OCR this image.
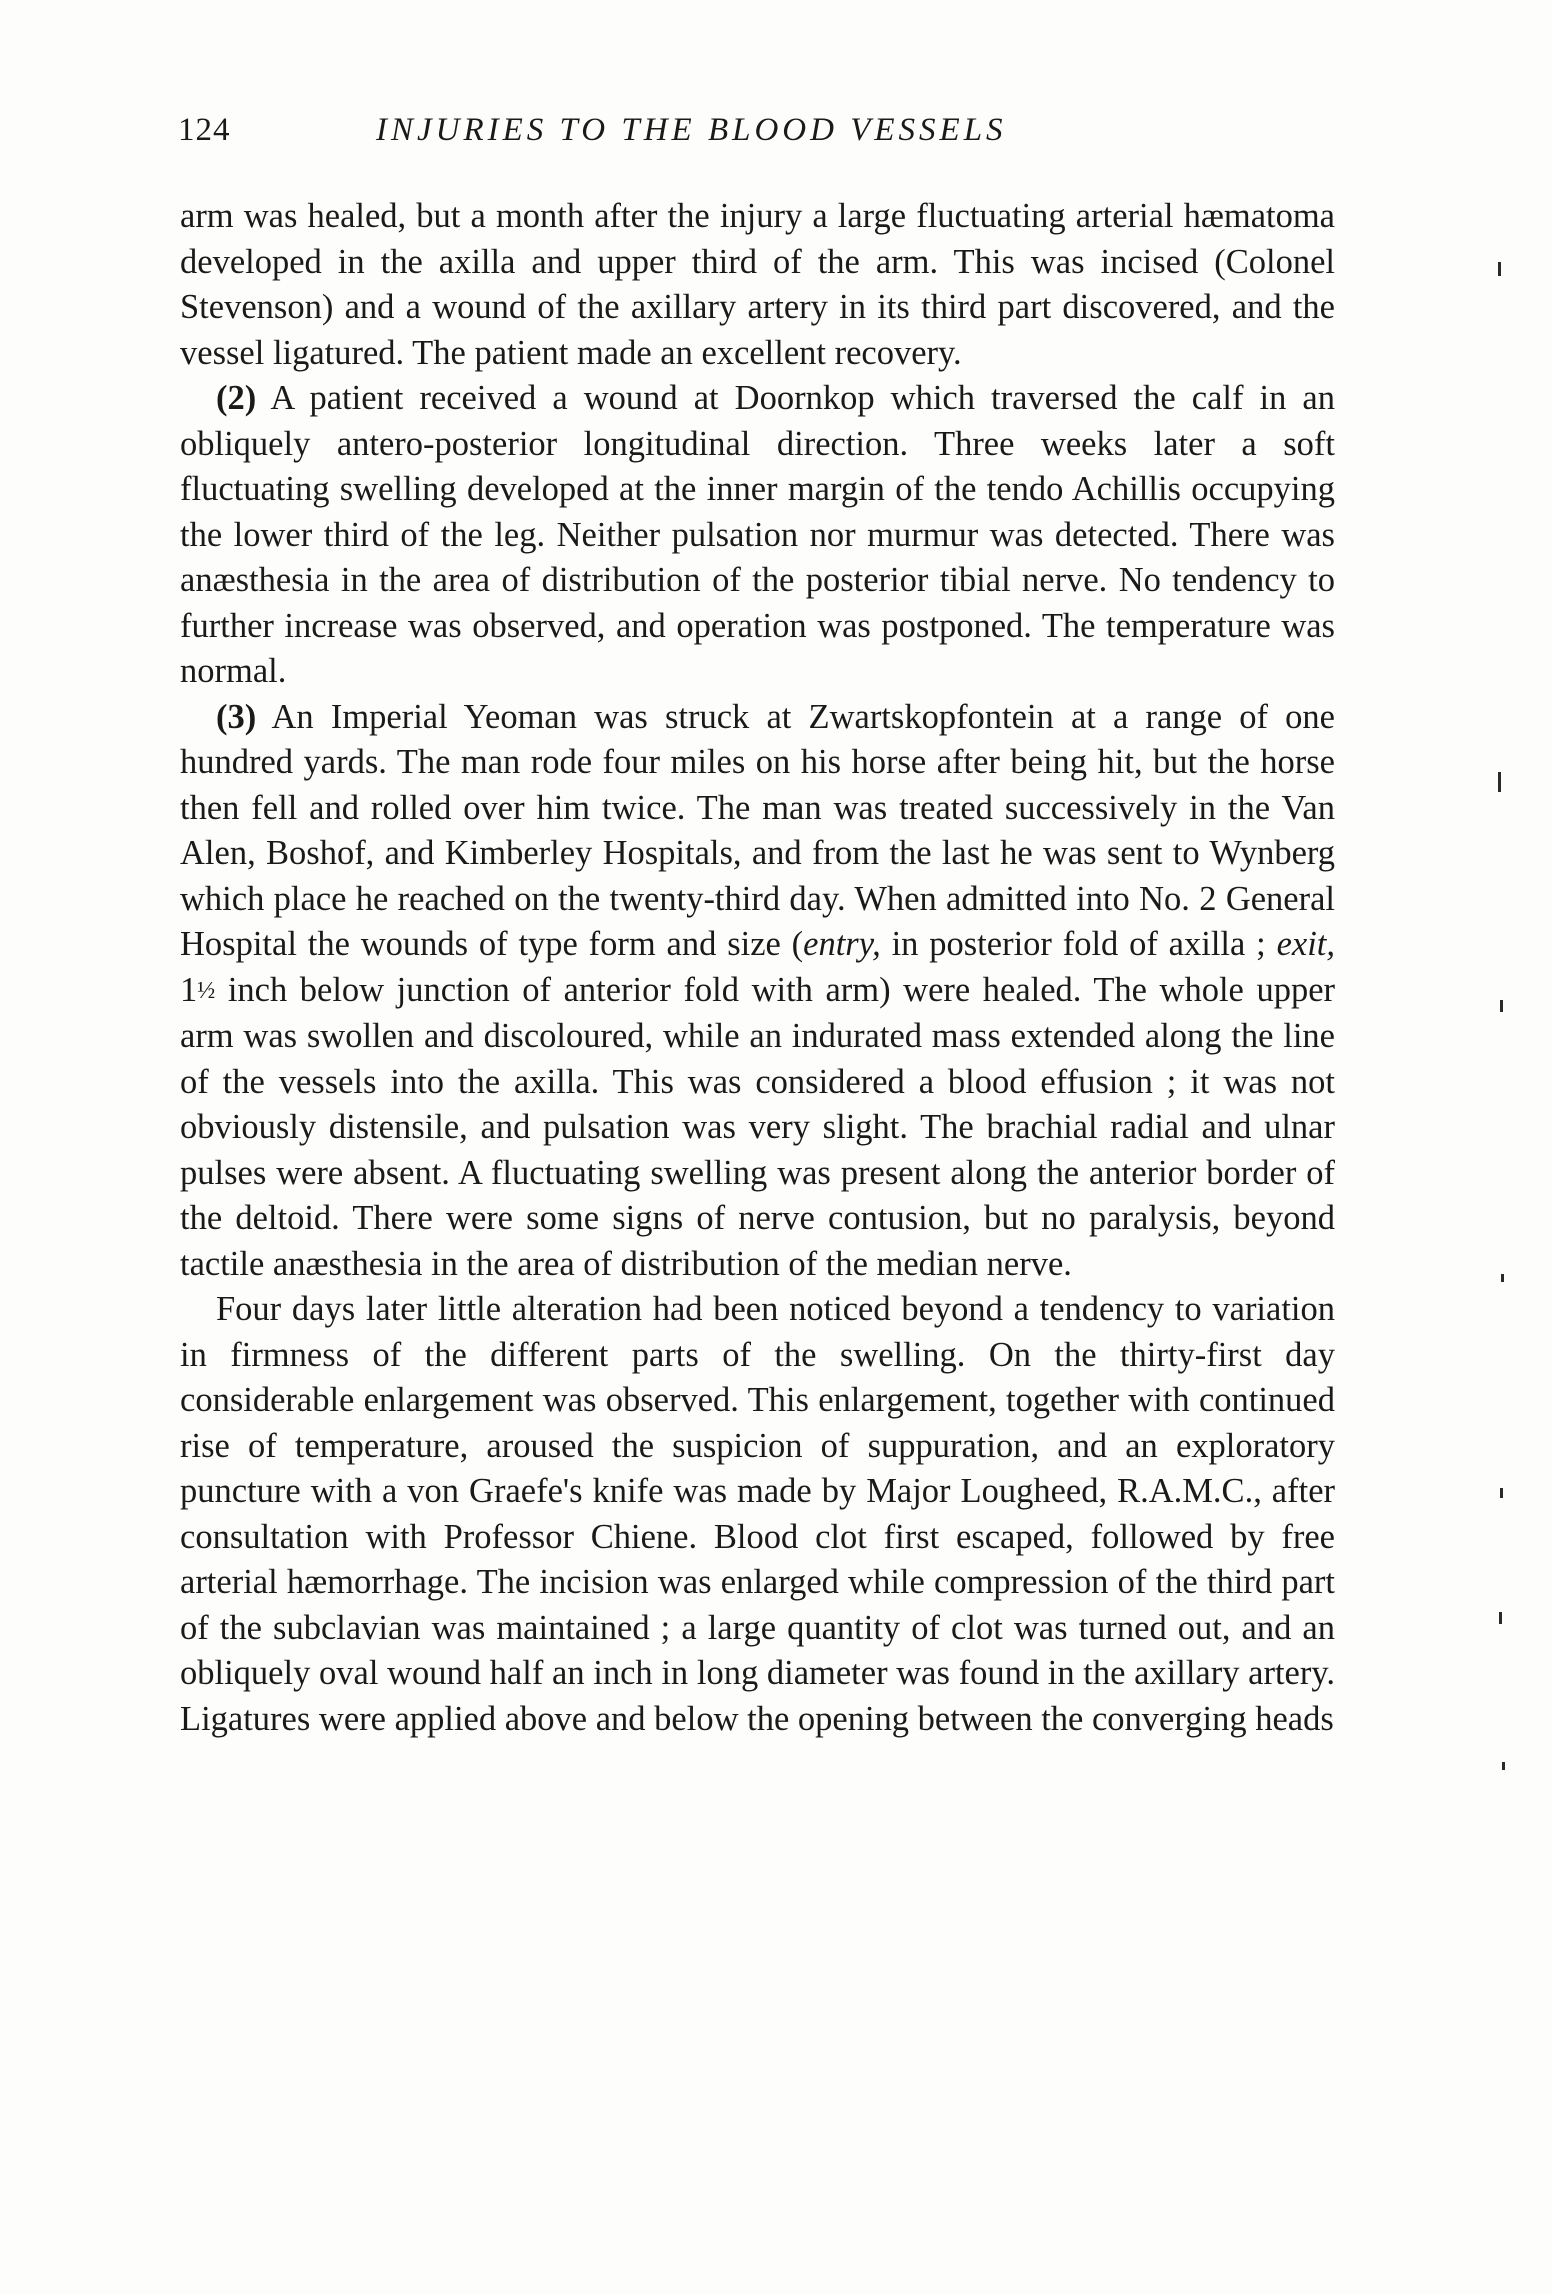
124	INJURIES TO THE BLOOD VESSELS

arm was healed, but a month after the injury a large fluctuating arterial hæmatoma developed in the axilla and upper third of the arm. This was incised (Colonel Stevenson) and a wound of the axillary artery in its third part discovered, and the vessel ligatured. The patient made an excellent recovery.

(2) A patient received a wound at Doornkop which traversed the calf in an obliquely antero-posterior longitudinal direction. Three weeks later a soft fluctuating swelling developed at the inner margin of the tendo Achillis occupying the lower third of the leg. Neither pulsation nor murmur was detected. There was anæsthesia in the area of distribution of the posterior tibial nerve. No tendency to further increase was observed, and operation was postponed. The temperature was normal.

(3) An Imperial Yeoman was struck at Zwartskopfontein at a range of one hundred yards. The man rode four miles on his horse after being hit, but the horse then fell and rolled over him twice. The man was treated successively in the Van Alen, Boshof, and Kimberley Hospitals, and from the last he was sent to Wynberg which place he reached on the twenty-third day. When admitted into No. 2 General Hospital the wounds of type form and size (entry, in posterior fold of axilla ; exit, 1½ inch below junction of anterior fold with arm) were healed. The whole upper arm was swollen and discoloured, while an indurated mass extended along the line of the vessels into the axilla. This was considered a blood effusion ; it was not obviously distensile, and pulsation was very slight. The brachial radial and ulnar pulses were absent. A fluctuating swelling was present along the anterior border of the deltoid. There were some signs of nerve contusion, but no paralysis, beyond tactile anæsthesia in the area of distribution of the median nerve.

Four days later little alteration had been noticed beyond a tendency to variation in firmness of the different parts of the swelling. On the thirty-first day considerable enlargement was observed. This enlargement, together with continued rise of temperature, aroused the suspicion of suppuration, and an exploratory puncture with a von Graefe's knife was made by Major Lougheed, R.A.M.C., after consultation with Professor Chiene. Blood clot first escaped, followed by free arterial hæmorrhage. The incision was enlarged while compression of the third part of the subclavian was maintained ; a large quantity of clot was turned out, and an obliquely oval wound half an inch in long diameter was found in the axillary artery. Ligatures were applied above and below the opening between the converging heads
